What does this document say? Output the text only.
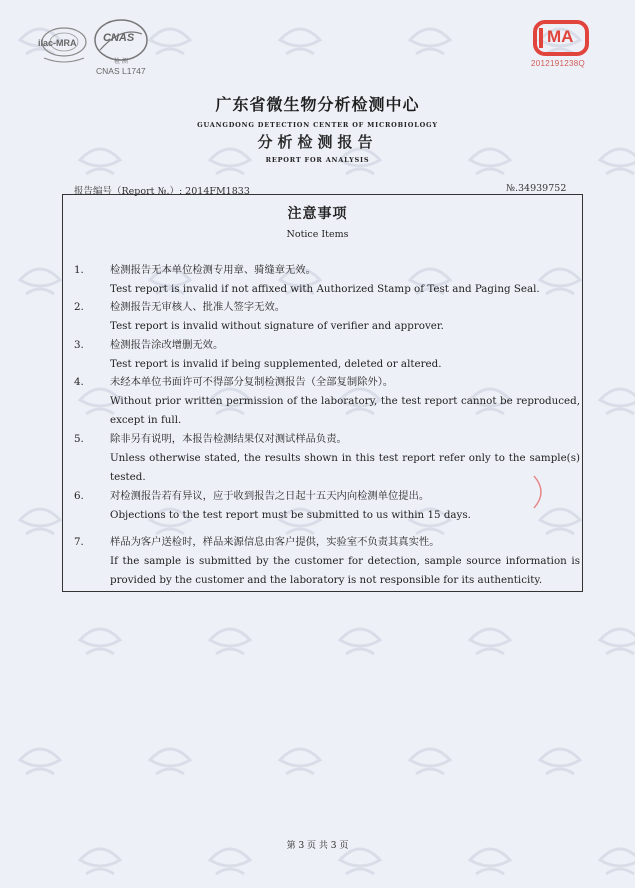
ilac-MRA CNAS
检 测
CNAS L1747
MA
2012191238Q
广东省微生物分析检测中心
GUANGDONG DETECTION CENTER OF MICROBIOLOGY
分析检测报告
REPORT FOR ANALYSIS
报告编号（Report №.）: 2014FM1833	№.34939752
注意事项
Notice Items
1.	检测报告无本单位检测专用章、骑缝章无效。
Test report is invalid if not affixed with Authorized Stamp of Test and Paging Seal.
2.	检测报告无审核人、批准人签字无效。
Test report is invalid without signature of verifier and approver.
3.	检测报告涂改增删无效。
Test report is invalid if being supplemented, deleted or altered.
4.	未经本单位书面许可不得部分复制检测报告（全部复制除外）。
Without prior written permission of the laboratory, the test report cannot be reproduced, except in full.
5.	除非另有说明，本报告检测结果仅对测试样品负责。
Unless otherwise stated, the results shown in this test report refer only to the sample(s) tested.
6.	对检测报告若有异议，应于收到报告之日起十五天内向检测单位提出。
Objections to the test report must be submitted to us within 15 days.
7.	样品为客户送检时，样品来源信息由客户提供，实验室不负责其真实性。
If the sample is submitted by the customer for detection, sample source information is provided by the customer and the laboratory is not responsible for its authenticity.
第 3 页 共 3 页
